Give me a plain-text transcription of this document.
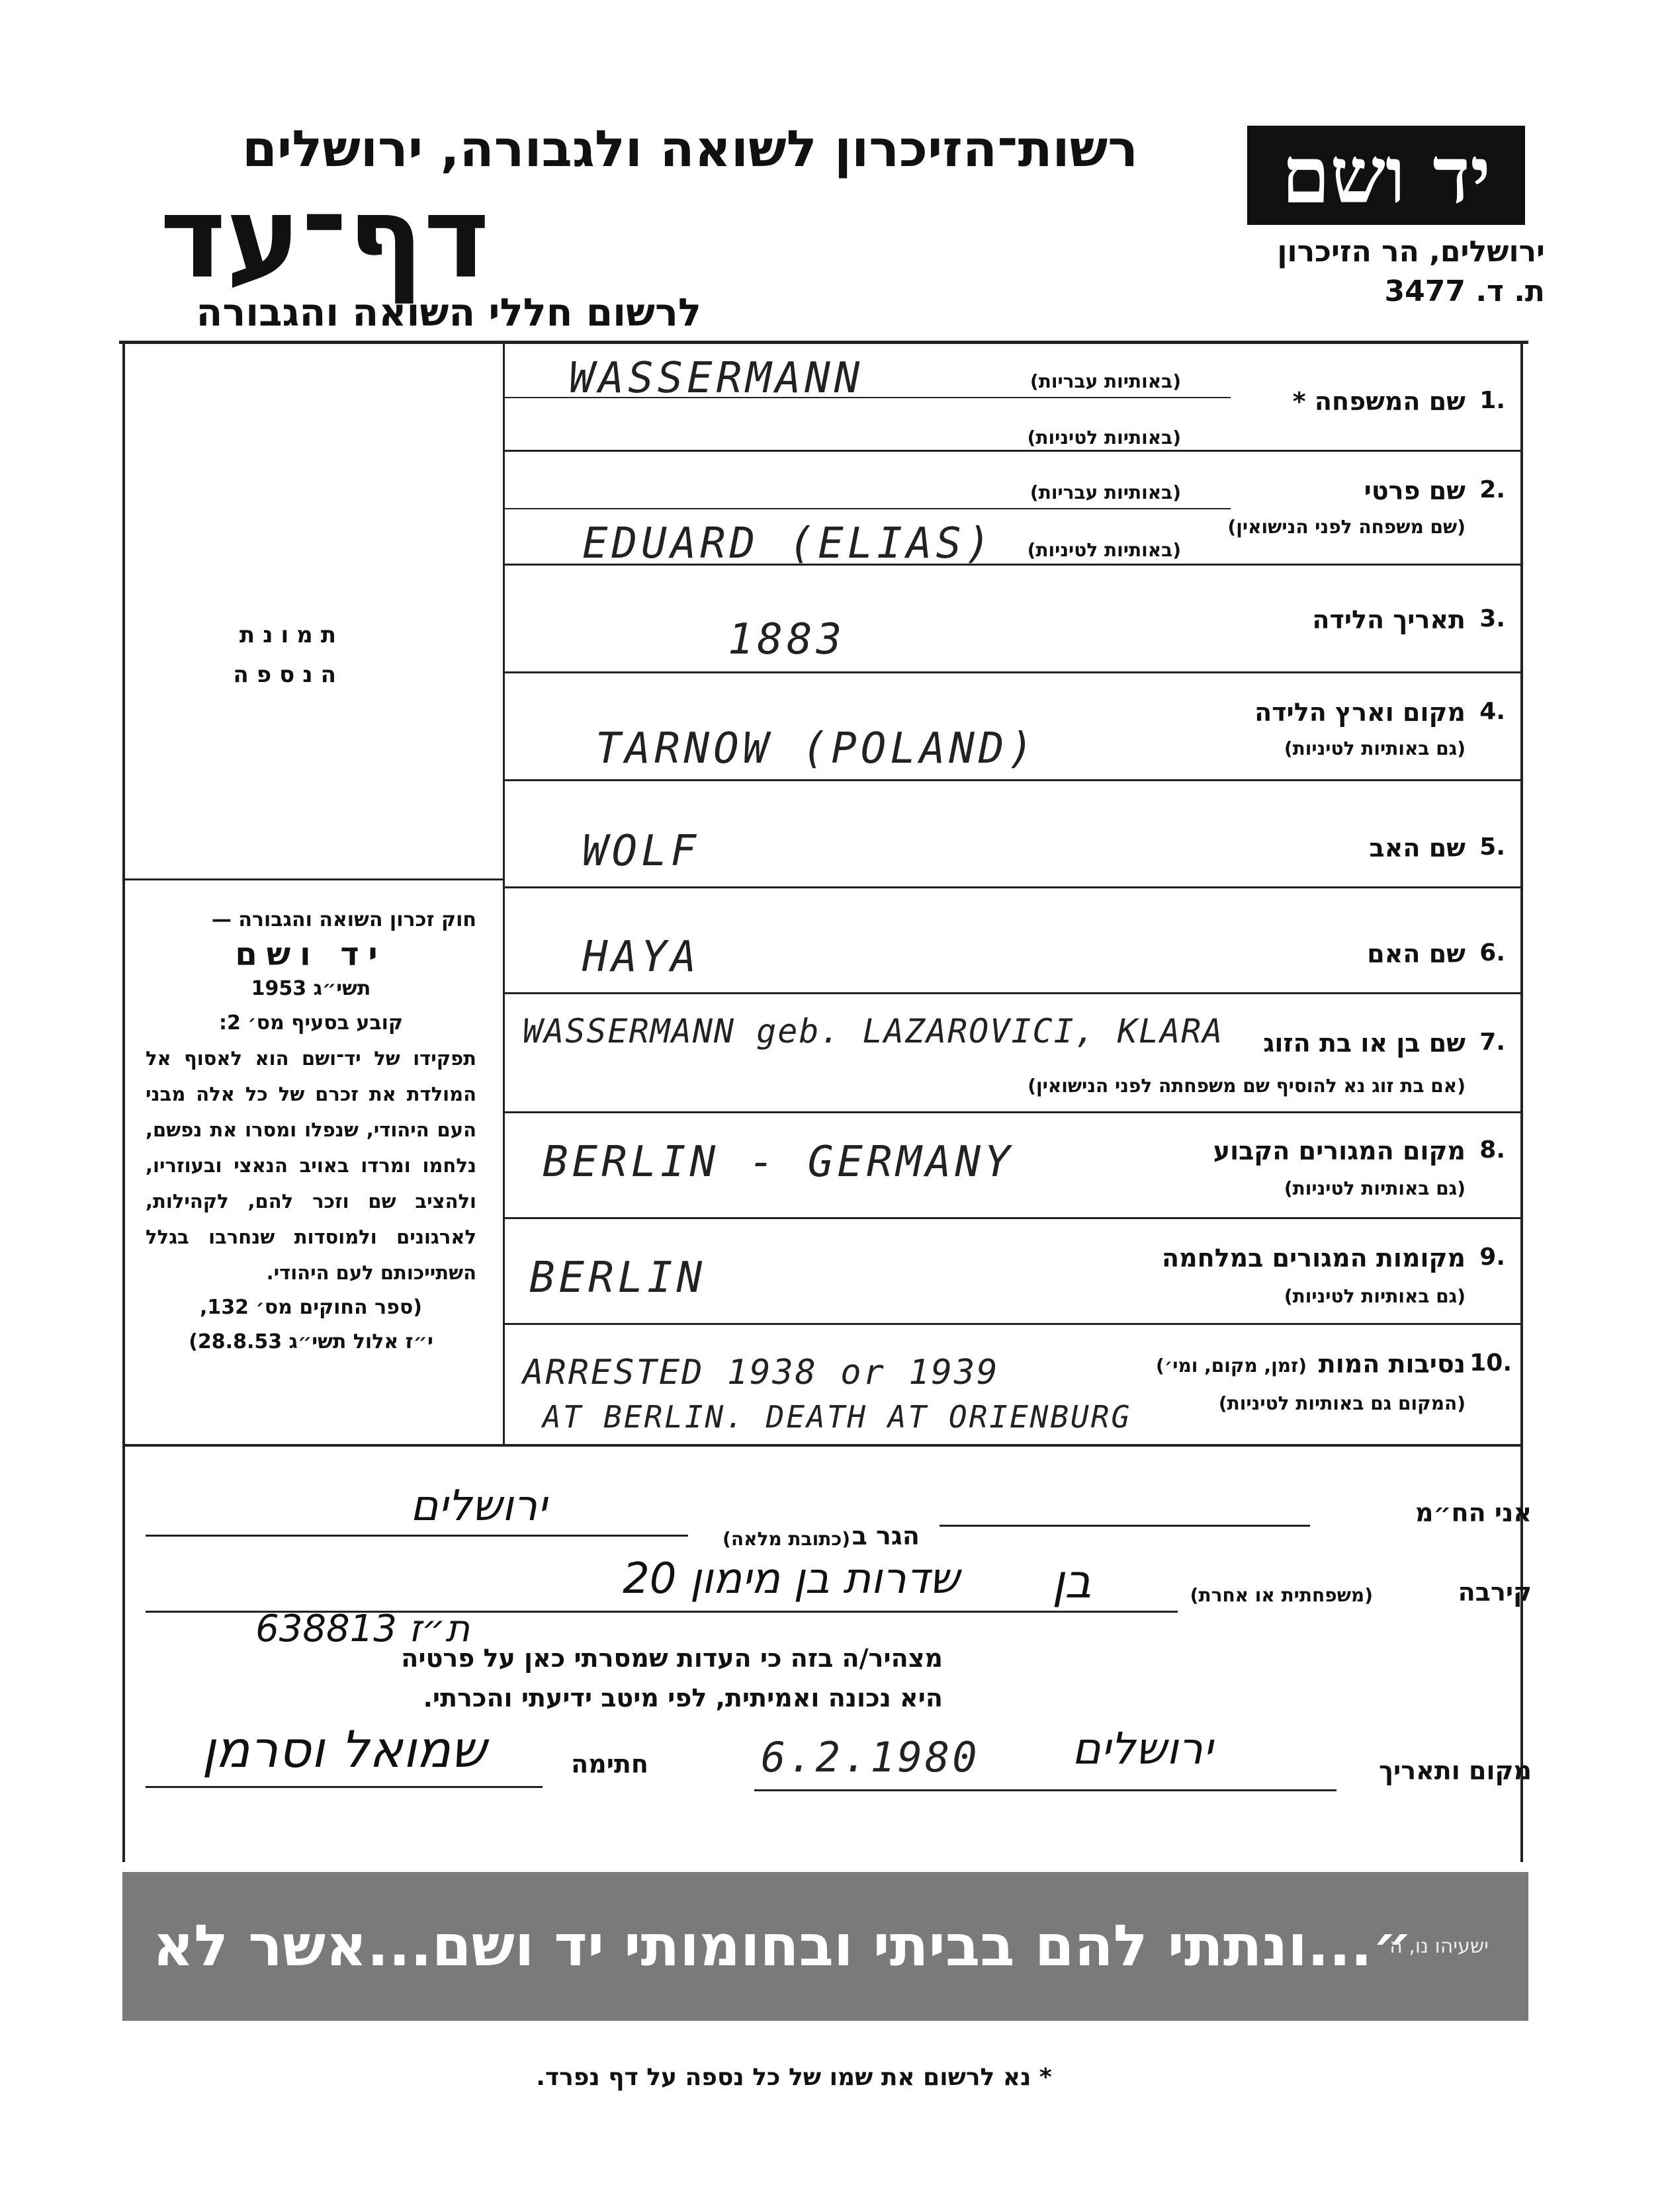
יד ושם
ירושלים, הר הזיכרון
ת. ד. 3477
רשות־הזיכרון לשואה ולגבורה, ירושלים
דף־עד
לרשום חללי השואה והגבורה
תמונת הנספה
חוק זכרון השואה והגבורה —
יד ושם
תשי״ג 1953
קובע בסעיף מס׳ 2:
תפקידו של יד־ושם הוא לאסוף אל המולדת את זכרם של כל אלה מבני העם היהודי, שנפלו ומסרו את נפשם, נלחמו ומרדו באויב הנאצי ובעוזריו, ולהציב שם וזכר להם, לקהילות, לארגונים ולמוסדות שנחרבו בגלל השתייכותם לעם היהודי.
(ספר החוקים מס׳ 132,
י״ז אלול תשי״ג 28.8.53)
1.
שם המשפחה *
(באותיות עבריות)
(באותיות לטיניות)
WASSERMANN
2.
שם פרטי
(שם משפחה לפני הנישואין)
(באותיות עבריות)
(באותיות לטיניות)
EDUARD (ELIAS)
3.
תאריך הלידה
1883
4.
מקום וארץ הלידה
(גם באותיות לטיניות)
TARNOW (POLAND)
5.
שם האב
WOLF
6.
שם האם
HAYA
7.
שם בן או בת הזוג
(אם בת זוג נא להוסיף שם משפחתה לפני הנישואין)
WASSERMANN geb. LAZAROVICI, KLARA
8.
מקום המגורים הקבוע
(גם באותיות לטיניות)
BERLIN - GERMANY
9.
מקומות המגורים במלחמה
(גם באותיות לטיניות)
BERLIN
10.
נסיבות המות
(זמן, מקום, ומי׳)
(המקום גם באותיות לטיניות)
ARRESTED 1938 or 1939
AT BERLIN. DEATH AT ORIENBURG
אני הח״מ
הגר ב
(כתובת מלאה)
ירושלים
קירבה
(משפחתית או אחרת)
בן
שדרות בן מימון 20
ת״ז 638813
מצהיר/ה בזה כי העדות שמסרתי כאן על פרטיה
היא נכונה ואמיתית, לפי מיטב ידיעתי והכרתי.
מקום ותאריך
6.2.1980 ירושלים
חתימה
שמואל וסרמן
״...ונתתי להם בביתי ובחומותי יד ושם...אשר לא יכרת״
ישעיהו נו, ה
* נא לרשום את שמו של כל נספה על דף נפרד.
